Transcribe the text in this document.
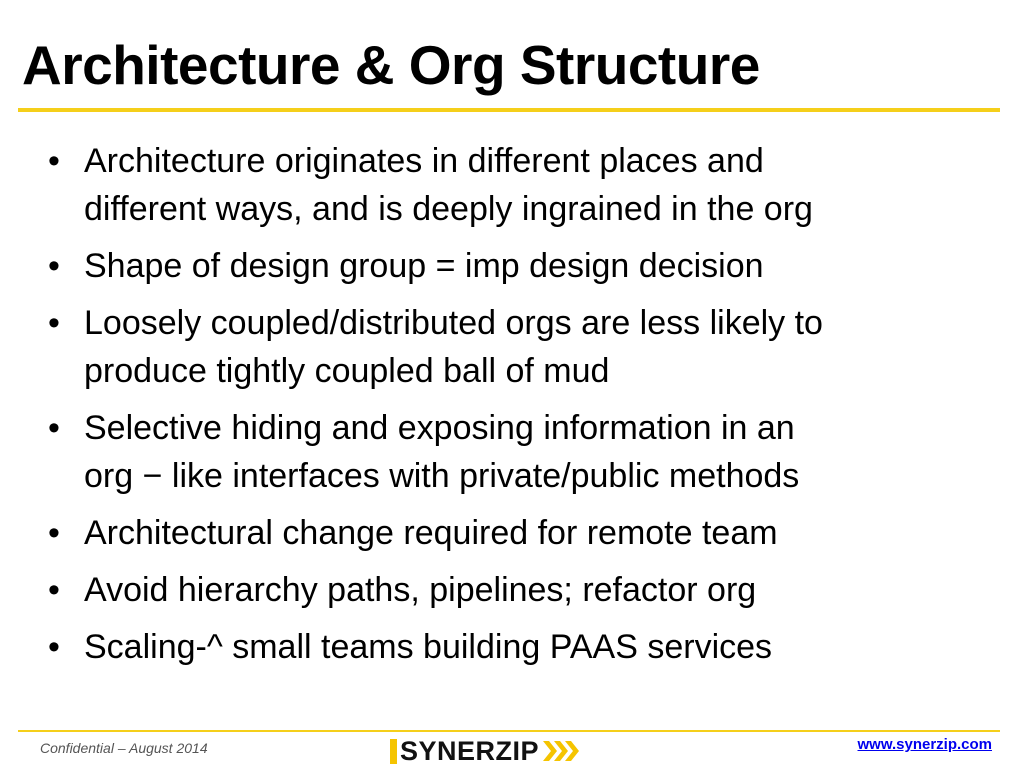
Architecture & Org Structure
• Architecture originates in different places and
different ways, and is deeply ingrained in the org
• Shape of design group = imp design decision
• Loosely coupled/distributed orgs are less likely to
produce tightly coupled ball of mud
• Selective hiding and exposing information in an
org − like interfaces with private/public methods
• Architectural change required for remote team
• Avoid hierarchy paths, pipelines; refactor org
• Scaling-^ small teams building PAAS services
Confidential – August 2014	SYNERZIP	www.synerzip.com
